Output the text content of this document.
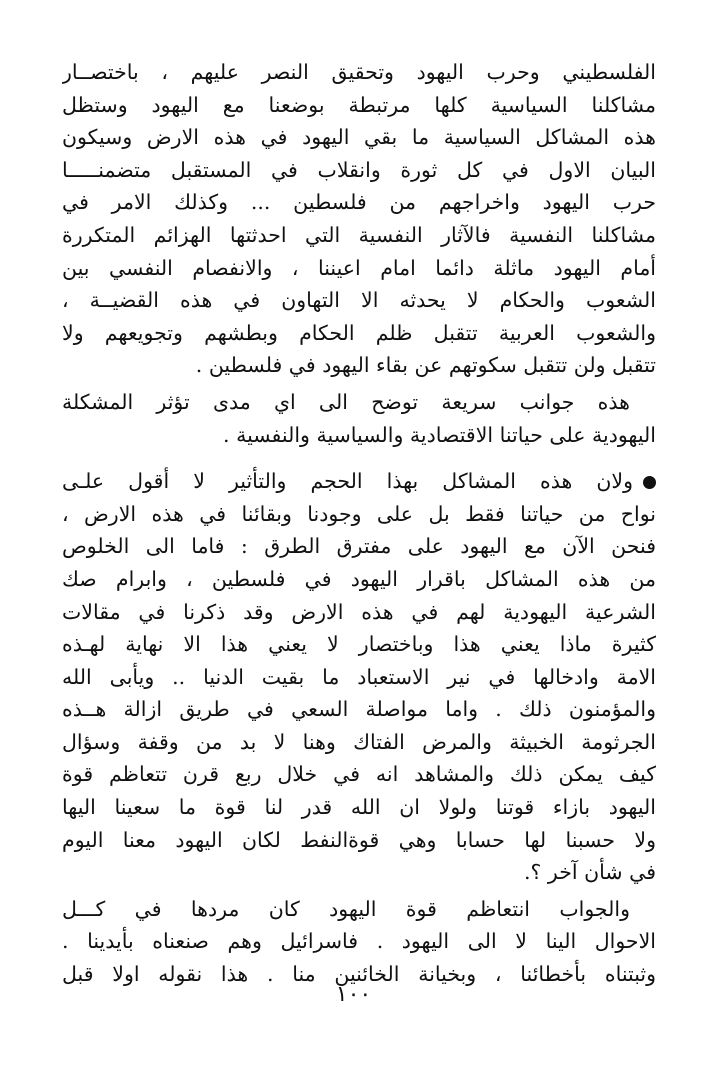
الفلسطيني وحرب اليهود وتحقيق النصر عليهم ، باختصــار
مشاكلنا السياسية كلها مرتبطة بوضعنا مع اليهود وستظل
هذه المشاكل السياسية ما بقي اليهود في هذه الارض وسيكون
البيان الاول في كل ثورة وانقلاب في المستقبل متضمنـــــا
حرب اليهود واخراجهم من فلسطين ... وكذلك الامر في
مشاكلنا النفسية فالآثار النفسية التي احدثتها الهزائم المتكررة
أمام اليهود ماثلة دائما امام اعيننا ، والانفصام النفسي بين
الشعوب والحكام لا يحدثه الا التهاون في هذه القضيــة ،
والشعوب العربية تتقبل ظلم الحكام وبطشهم وتجويعهم ولا
تتقبل ولن تتقبل سكوتهم عن بقاء اليهود في فلسطين .
هذه جوانب سريعة توضح الى اي مدى تؤثر المشكلة
اليهودية على حياتنا الاقتصادية والسياسية والنفسية .
ولان هذه المشاكل بهذا الحجم والتأثير لا أقول علـى
نواح من حياتنا فقط بل على وجودنا وبقائنا في هذه الارض ،
فنحن الآن مع اليهود على مفترق الطرق : فاما الى الخلوص
من هذه المشاكل باقرار اليهود في فلسطين ، وابرام صك
الشرعية اليهودية لهم في هذه الارض وقد ذكرنا في مقالات
كثيرة ماذا يعني هذا وباختصار لا يعني هذا الا نهاية لهـذه
الامة وادخالها في نير الاستعباد ما بقيت الدنيا .. ويأبى الله
والمؤمنون ذلك . واما مواصلة السعي في طريق ازالة هــذه
الجرثومة الخبيثة والمرض الفتاك وهنا لا بد من وقفة وسؤال
كيف يمكن ذلك والمشاهد انه في خلال ربع قرن تتعاظم قوة
اليهود بازاء قوتنا ولولا ان الله قدر لنا قوة ما سعينا اليها
ولا حسبنا لها حسابا وهي قوةالنفط لكان اليهود معنا اليوم
في شأن آخر ؟.
والجواب انتعاظم قوة اليهود كان مردها في كـــل
الاحوال الينا لا الى اليهود . فاسرائيل وهم صنعناه بأيدينا .
وثبتناه بأخطائنا ، وبخيانة الخائنين منا . هذا نقوله اولا قبل
١٠٠
